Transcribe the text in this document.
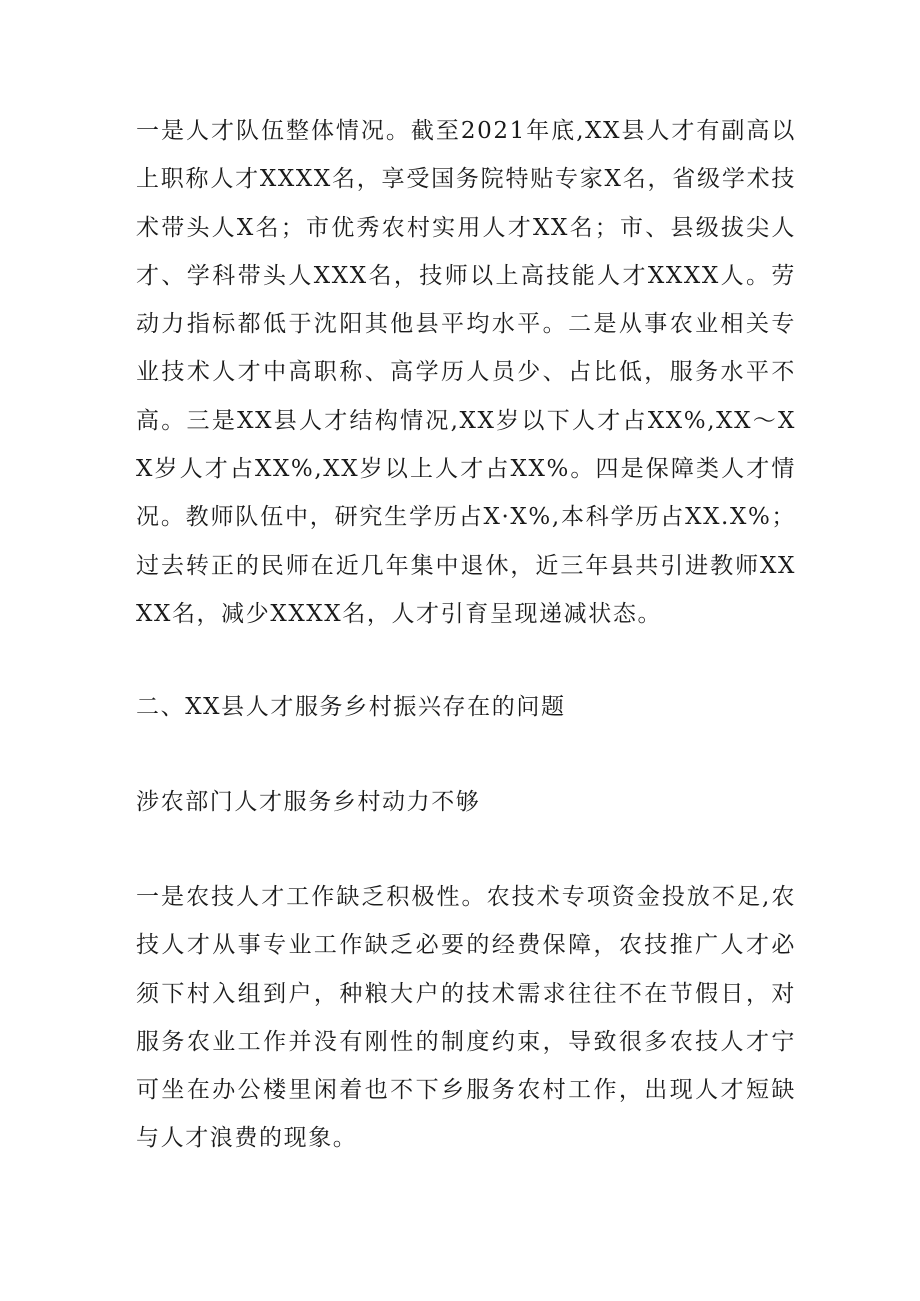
一是人才队伍整体情况。截至2021年底,XX县人才有副高以上职称人才XXXX名，享受国务院特贴专家X名，省级学术技术带头人X名；市优秀农村实用人才XX名；市、县级拔尖人才、学科带头人XXX名，技师以上高技能人才XXXX人。劳动力指标都低于沈阳其他县平均水平。二是从事农业相关专业技术人才中高职称、高学历人员少、占比低，服务水平不高。三是XX县人才结构情况,XX岁以下人才占XX%,XX～XX岁人才占XX%,XX岁以上人才占XX%。四是保障类人才情况。教师队伍中，研究生学历占X·X%,本科学历占XX.X%；过去转正的民师在近几年集中退休，近三年县共引进教师XXXX名，减少XXXX名，人才引育呈现递减状态。

二、XX县人才服务乡村振兴存在的问题

涉农部门人才服务乡村动力不够

一是农技人才工作缺乏积极性。农技术专项资金投放不足,农技人才从事专业工作缺乏必要的经费保障，农技推广人才必须下村入组到户，种粮大户的技术需求往往不在节假日，对服务农业工作并没有刚性的制度约束，导致很多农技人才宁可坐在办公楼里闲着也不下乡服务农村工作，出现人才短缺与人才浪费的现象。
